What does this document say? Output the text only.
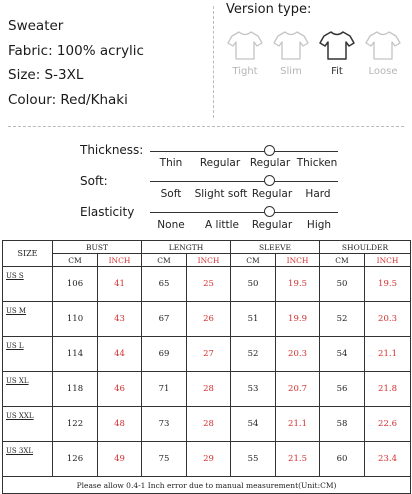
Sweater
Fabric: 100% acrylic
Size: S-3XL
Colour: Red/Khaki
Version type:
Tight	Slim	Fit	Loose
Thickness:
Thin Regular Regular Thicken
Soft:
Soft Slight soft Regular Hard
Elasticity
None A little Regular High
SIZE	BUST		LENGTH		SLEEVE		SHOULDER	
	CM	INCH	CM	INCH	CM	INCH	CM	INCH
US S	106	41	65	25	50	19.5	50	19.5
US M	110	43	67	26	51	19.9	52	20.3
US L	114	44	69	27	52	20.3	54	21.1
US XL	118	46	71	28	53	20.7	56	21.8
US XXL	122	48	73	28	54	21.1	58	22.6
US 3XL	126	49	75	29	55	21.5	60	23.4
Please allow 0.4-1 Inch error due to manual measurement(Unit:CM)								
